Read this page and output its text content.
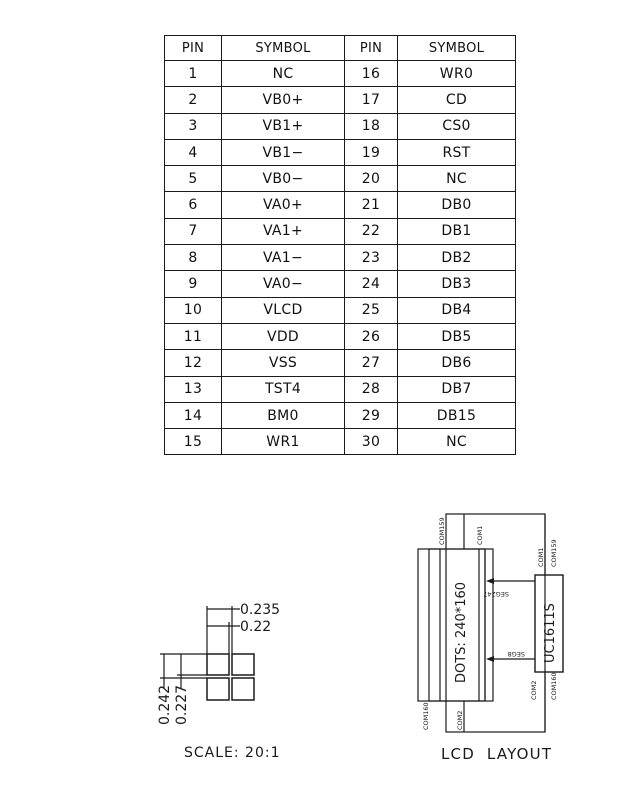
PIN	SYMBOL	PIN	SYMBOL
1	NC	16	WR0
2	VB0+	17	CD
3	VB1+	18	CS0
4	VB1−	19	RST
5	VB0−	20	NC
6	VA0+	21	DB0
7	VA1+	22	DB1
8	VA1−	23	DB2
9	VA0−	24	DB3
10	VLCD	25	DB4
11	VDD	26	DB5
12	VSS	27	DB6
13	TST4	28	DB7
14	BM0	29	DB15
15	WR1	30	NC
0.235
0.22
0.242 0.227
SCALE: 20:1
DOTS: 240*160	UC1611S
COM159	COM1
COM1 COM159
SEG247
SEG8
COM160	COM2
COM2 COM160
LCD  LAYOUT
